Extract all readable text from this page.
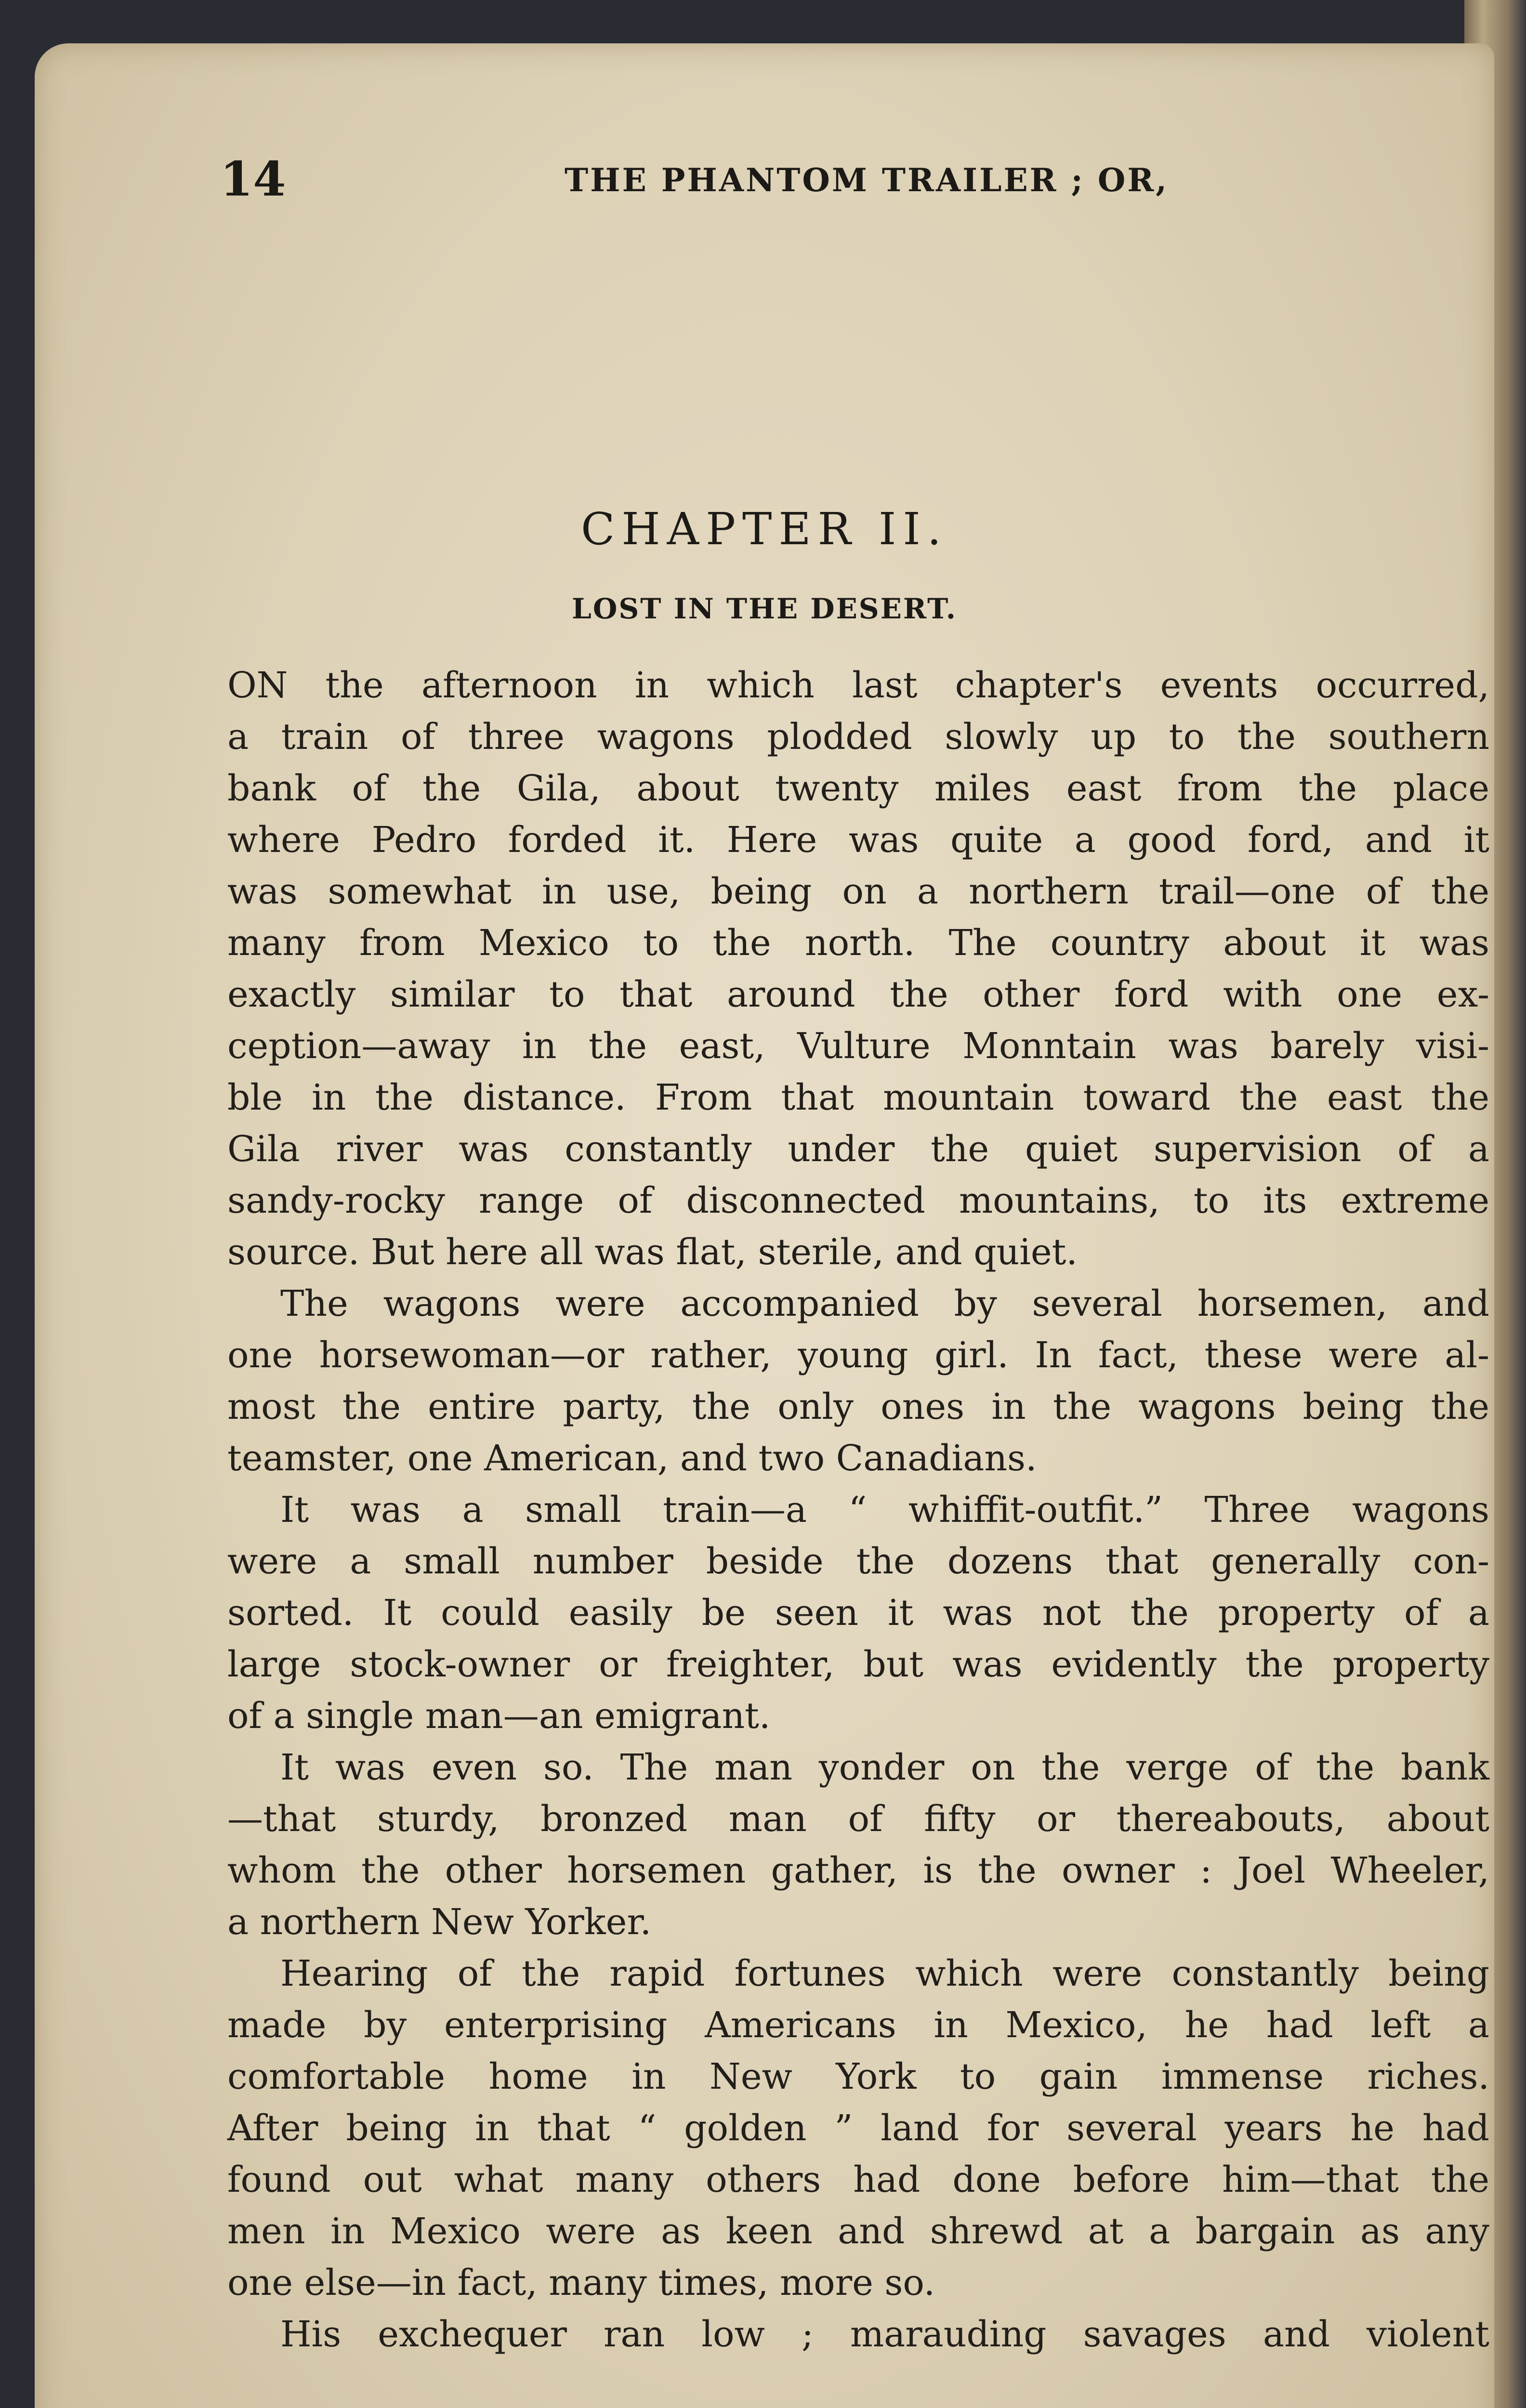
14	THE PHANTOM TRAILER ; OR,
CHAPTER II.
LOST IN THE DESERT.
ON the afternoon in which last chapter's events occurred,
a train of three wagons plodded slowly up to the southern
bank of the Gila, about twenty miles east from the place
where Pedro forded it. Here was quite a good ford, and it
was somewhat in use, being on a northern trail—one of the
many from Mexico to the north. The country about it was
exactly similar to that around the other ford with one ex-
ception—away in the east, Vulture Monntain was barely visi-
ble in the distance. From that mountain toward the east the
Gila river was constantly under the quiet supervision of a
sandy-rocky range of disconnected mountains, to its extreme
source. But here all was flat, sterile, and quiet.
The wagons were accompanied by several horsemen, and
one horsewoman—or rather, young girl. In fact, these were al-
most the entire party, the only ones in the wagons being the
teamster, one American, and two Canadians.
It was a small train—a “ whiffit-outfit.” Three wagons
were a small number beside the dozens that generally con-
sorted. It could easily be seen it was not the property of a
large stock-owner or freighter, but was evidently the property
of a single man—an emigrant.
It was even so. The man yonder on the verge of the bank
—that sturdy, bronzed man of fifty or thereabouts, about
whom the other horsemen gather, is the owner : Joel Wheeler,
a northern New Yorker.
Hearing of the rapid fortunes which were constantly being
made by enterprising Americans in Mexico, he had left a
comfortable home in New York to gain immense riches.
After being in that “ golden ” land for several years he had
found out what many others had done before him—that the
men in Mexico were as keen and shrewd at a bargain as any
one else—in fact, many times, more so.
His exchequer ran low ; marauding savages and violent
